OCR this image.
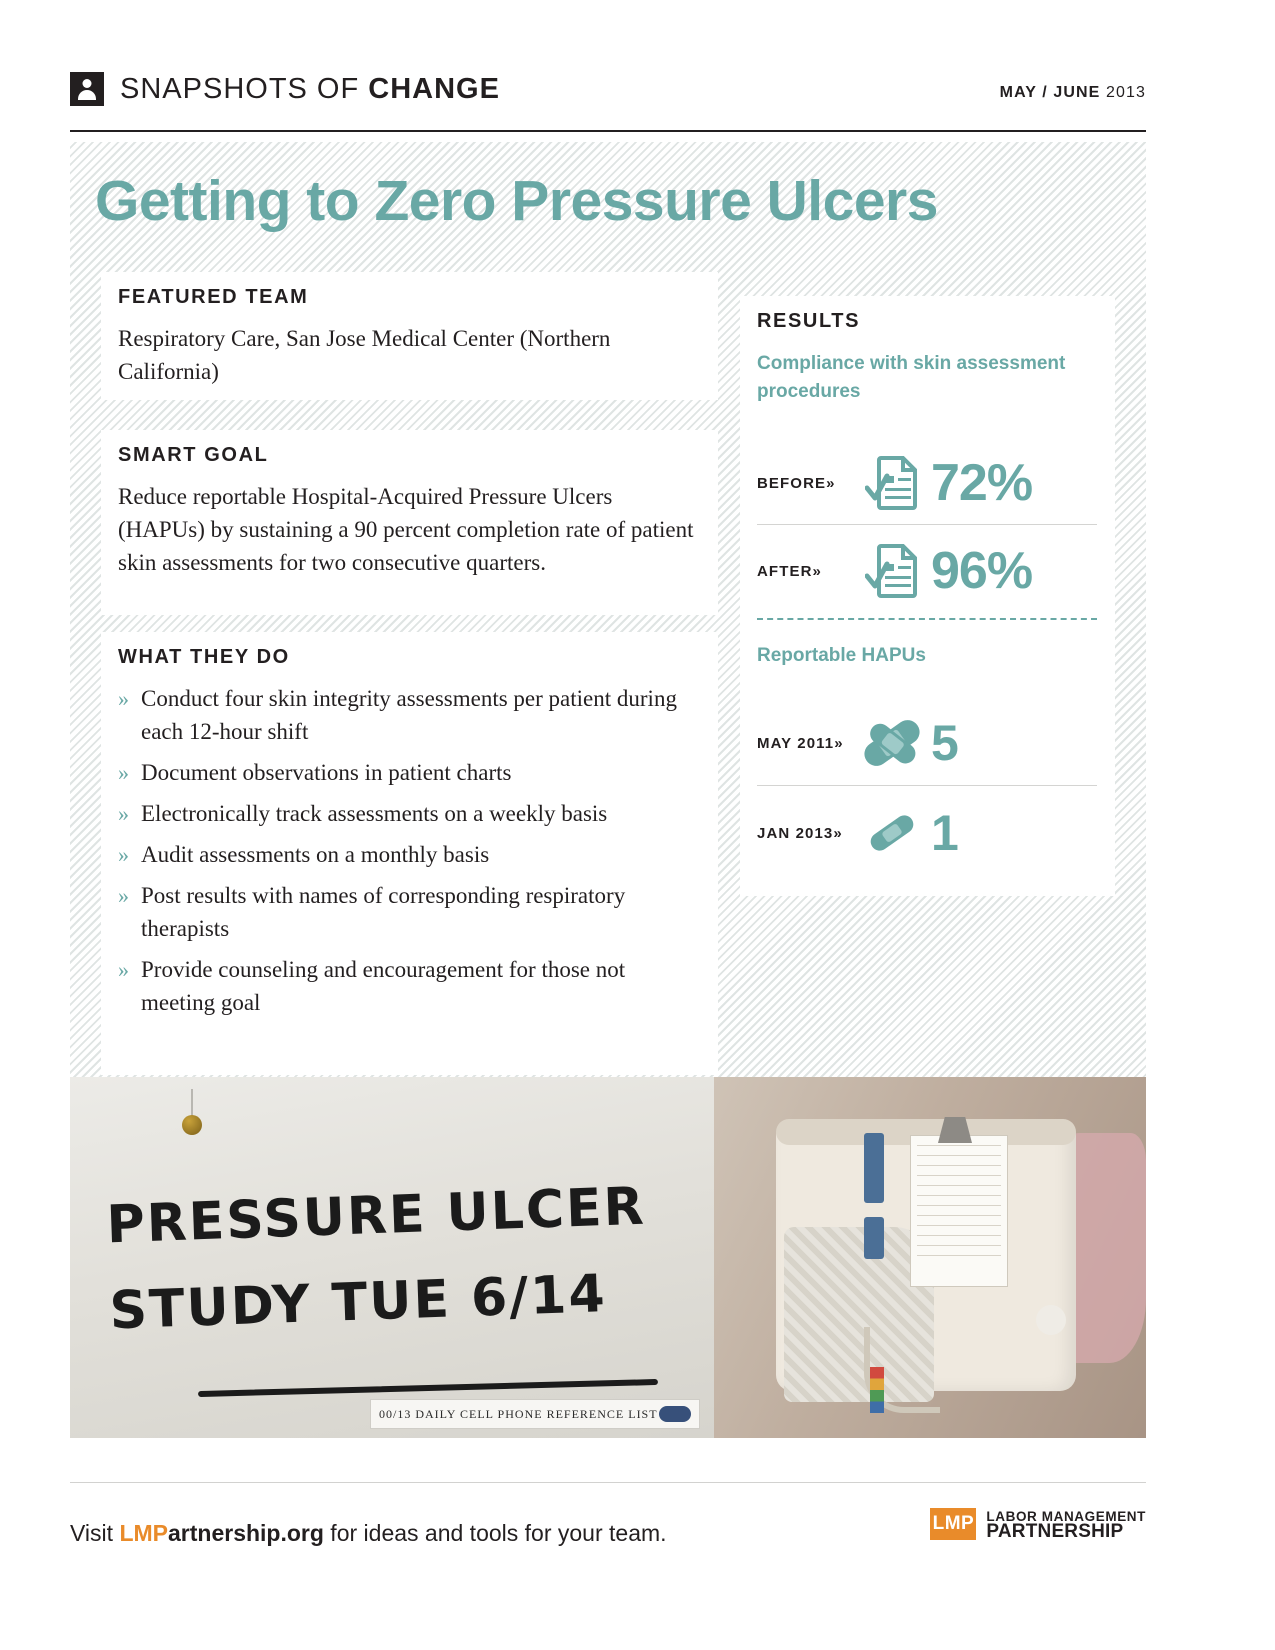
SNAPSHOTS OF CHANGE	MAY / JUNE 2013
Getting to Zero Pressure Ulcers
FEATURED TEAM
Respiratory Care, San Jose Medical Center (Northern California)
SMART GOAL
Reduce reportable Hospital-Acquired Pressure Ulcers (HAPUs) by sustaining a 90 percent completion rate of patient skin assessments for two consecutive quarters.
WHAT THEY DO
» Conduct four skin integrity assessments per patient during each 12-hour shift
» Document observations in patient charts
» Electronically track assessments on a weekly basis
» Audit assessments on a monthly basis
» Post results with names of corresponding respiratory therapists
» Provide counseling and encouragement for those not meeting goal
RESULTS
Compliance with skin assessment procedures
BEFORE»	72%
AFTER»	96%
Reportable HAPUs
MAY 2011» 5
JAN 2013» 1
PRESSURE ULCER
STUDY TUE 6/14
00/13 DAILY CELL PHONE REFERENCE LIST
Visit LMPartnership.org for ideas and tools for your team.	LMP LABOR MANAGEMENT
PARTNERSHIP
